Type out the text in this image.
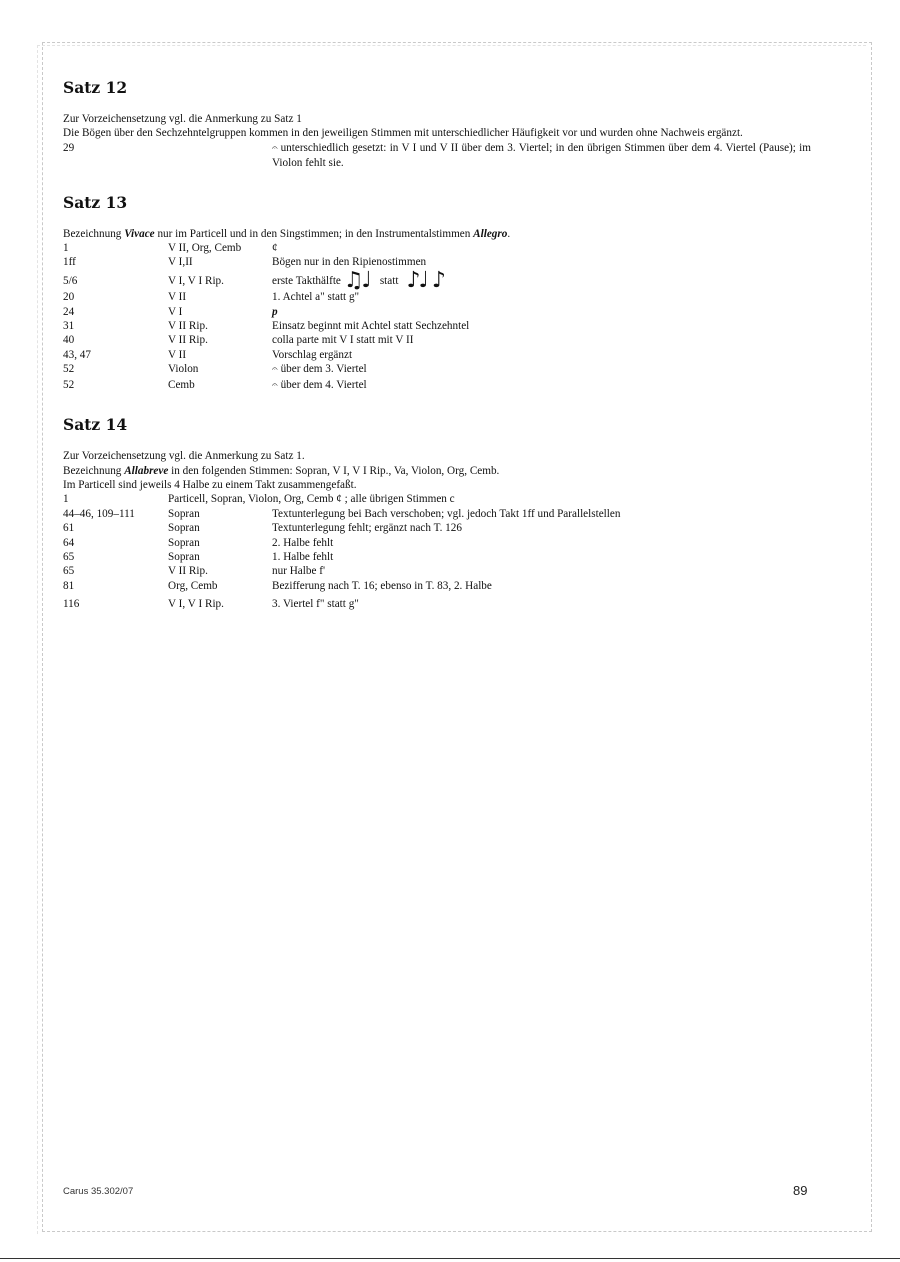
Satz 12

Zur Vorzeichensetzung vgl. die Anmerkung zu Satz 1

Die Bögen über den Sechzehntelgruppen kommen in den jeweiligen Stimmen mit unterschiedlicher Häufigkeit vor und wurden ohne Nachweis ergänzt.

29	𝄐 unterschiedlich gesetzt: in V I und V II über dem 3. Viertel; in den übrigen Stimmen über dem 4. Viertel (Pause); im Violon fehlt sie.
Satz 13

Bezeichnung Vivace nur im Particell und in den Singstimmen; in den Instrumentalstimmen Allegro.

1	V II, Org, Cemb	¢
1ff	V I,II	Bögen nur in den Ripienostimmen
5/6	V I, V I Rip.	erste Takthälfte ♫♩ statt ♪♩ ♪
20	V II	1. Achtel a" statt g"
24	V I	p
31	V II Rip.	Einsatz beginnt mit Achtel statt Sechzehntel
40	V II Rip.	colla parte mit V I statt mit V II
43, 47	V II	Vorschlag ergänzt
52	Violon	𝄐 über dem 3. Viertel
52	Cemb	𝄐 über dem 4. Viertel
Satz 14

Zur Vorzeichensetzung vgl. die Anmerkung zu Satz 1.

Bezeichnung Allabreve in den folgenden Stimmen: Sopran, V I, V I Rip., Va, Violon, Org, Cemb.

Im Particell sind jeweils 4 Halbe zu einem Takt zusammengefaßt.

1	Particell, Sopran, Violon, Org, Cemb ¢ ; alle übrigen Stimmen c
44–46, 109–111	Sopran	Textunterlegung bei Bach verschoben; vgl. jedoch Takt 1ff und Parallelstellen
61	Sopran	Textunterlegung fehlt; ergänzt nach T. 126
64	Sopran	2. Halbe fehlt
65	Sopran	1. Halbe fehlt
65	V II Rip.	nur Halbe f'
81	Org, Cemb	Bezifferung nach T. 16; ebenso in T. 83, 2. Halbe
116	V I, V I Rip.	3. Viertel f" statt g"
Carus 35.302/07	89
